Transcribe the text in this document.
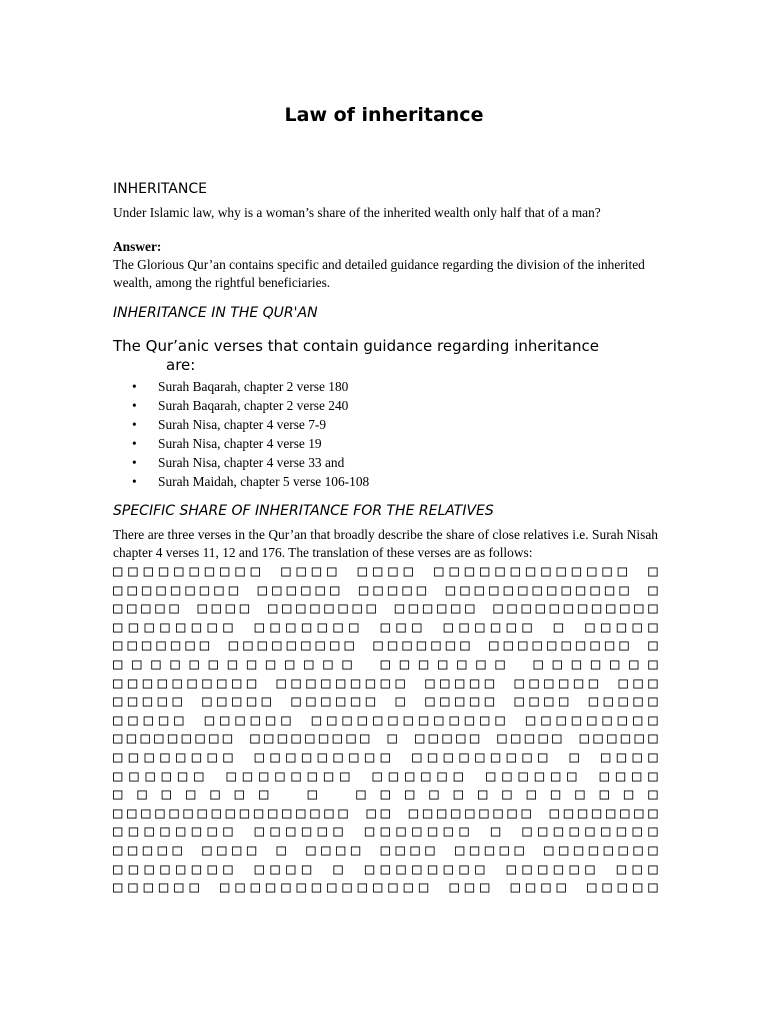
Law of inheritance
INHERITANCE

Under Islamic law, why is a woman’s share of the inherited wealth only half that of a man?

Answer:

The Glorious Qur’an contains specific and detailed guidance regarding the division of the inherited wealth, among the rightful beneficiaries.

INHERITANCE IN THE QUR'AN
The Qur’anic verses that contain guidance regarding inheritance
are:
• Surah Baqarah, chapter 2 verse 180
• Surah Baqarah, chapter 2 verse 240
• Surah Nisa, chapter 4 verse 7-9
• Surah Nisa, chapter 4 verse 19
• Surah Nisa, chapter 4 verse 33 and
• Surah Maidah, chapter 5 verse 106-108
SPECIFIC SHARE OF INHERITANCE FOR THE RELATIVES

There are three verses in the Qur’an that broadly describe the share of close relatives i.e. Surah Nisah chapter 4 verses 11, 12 and 176. The translation of these verses are as follows:

□□□□□□□□□□ □□□□ □□□□ □□□□□□□□□□□□□ □
□□□□□□□□□ □□□□□□ □□□□□ □□□□□□□□□□□□□ □
□□□□□ □□□□ □□□□□□□□ □□□□□□ □□□□□□□□□□□□
□□□□□□□□ □□□□□□□ □□□ □□□□□□ □ □□□□□
□□□□□□□ □□□□□□□□□ □□□□□□□ □□□□□□□□□□ □
□□□□□□□□□□□□□ □□□□□□□ □□□□□□□
□□□□□□□□□□ □□□□□□□□□ □□□□□ □□□□□□ □□□
□□□□□ □□□□□ □□□□□□ □ □□□□□ □□□□ □□□□□
□□□□□ □□□□□□ □□□□□□□□□□□□□ □□□□□□□□□
□□□□□□□□□ □□□□□□□□□ □ □□□□□ □□□□□ □□□□□□
□□□□□□□□ □□□□□□□□□ □□□□□□□□□ □ □□□□
□□□□□□ □□□□□□□□ □□□□□□ □□□□□□ □□□□
□□□□□□□ □ □□□□□□□□□□□□□
□□□□□□□□□□□□□□□□□ □□ □□□□□□□□□ □□□□□□□□
□□□□□□□□ □□□□□□ □□□□□□□ □ □□□□□□□□□
□□□□□ □□□□ □ □□□□ □□□□ □□□□□ □□□□□□□□
□□□□□□□□ □□□□ □ □□□□□□□□ □□□□□□ □□□
□□□□□□ □□□□□□□□□□□□□□ □□□ □□□□ □□□□□
